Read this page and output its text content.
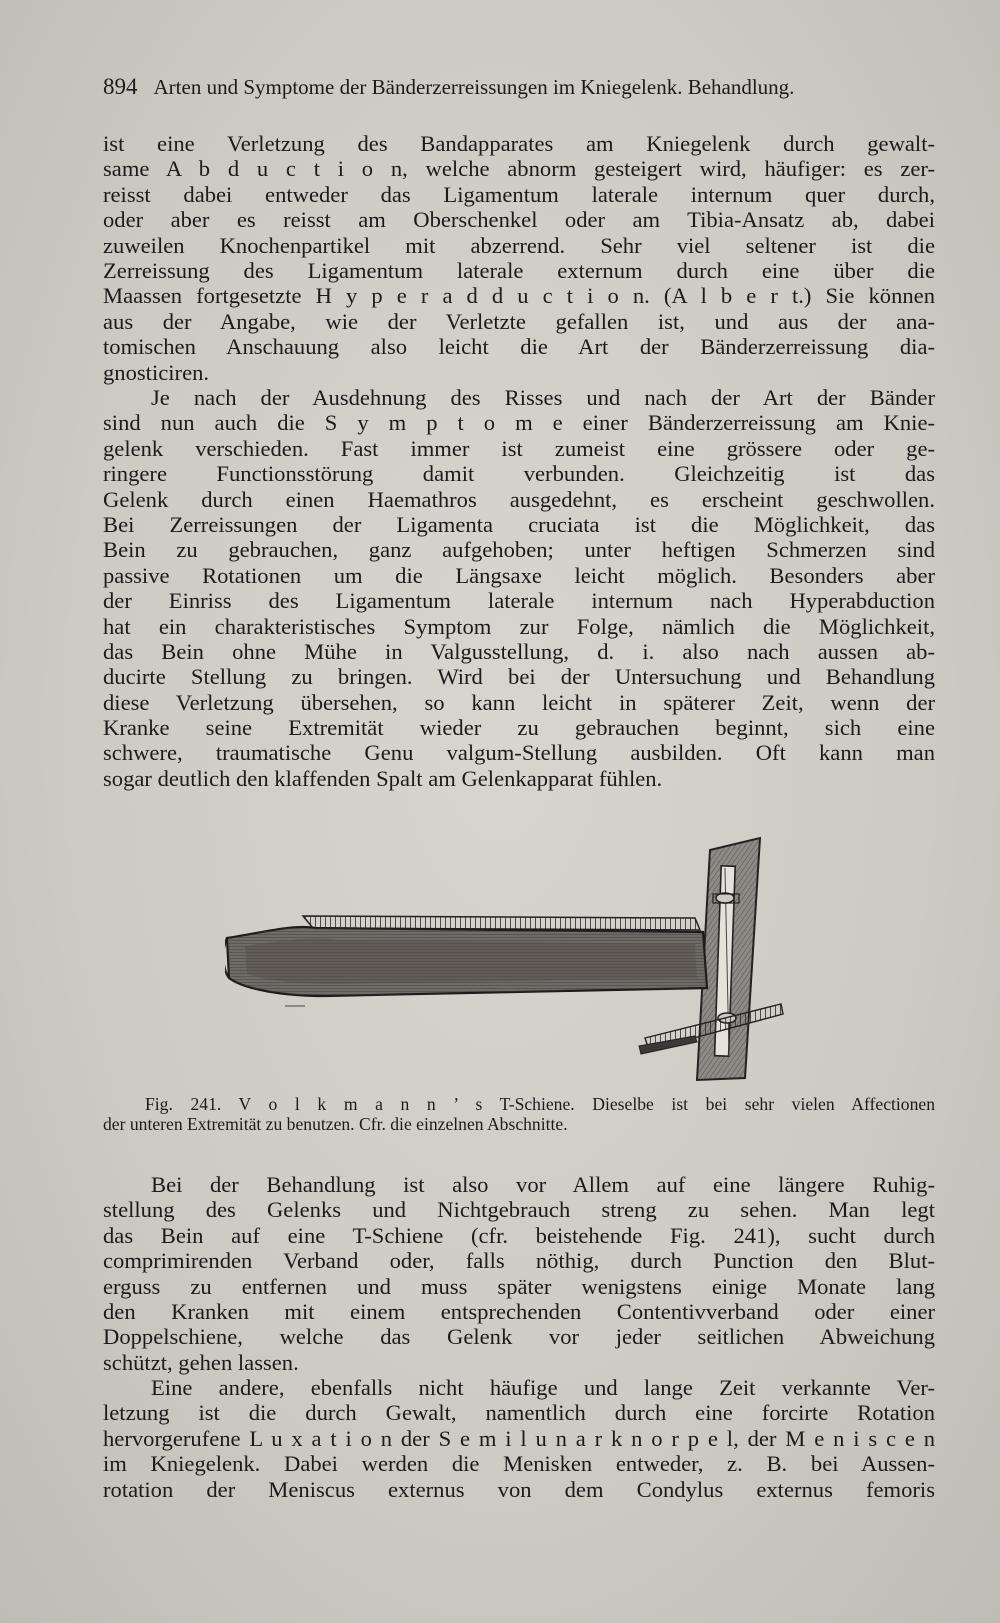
894 Arten und Symptome der Bänderzerreissungen im Kniegelenk. Behandlung.
ist eine Verletzung des Bandapparates am Kniegelenk durch gewalt-
same A b d u c t i o n, welche abnorm gesteigert wird, häufiger: es zer-
reisst dabei entweder das Ligamentum laterale internum quer durch,
oder aber es reisst am Oberschenkel oder am Tibia-Ansatz ab, dabei
zuweilen Knochenpartikel mit abzerrend. Sehr viel seltener ist die
Zerreissung des Ligamentum laterale externum durch eine über die
Maassen fortgesetzte H y p e r a d d u c t i o n. (A l b e r t.) Sie können
aus der Angabe, wie der Verletzte gefallen ist, und aus der ana-
tomischen Anschauung also leicht die Art der Bänderzerreissung dia-
gnosticiren.
Je nach der Ausdehnung des Risses und nach der Art der Bänder
sind nun auch die S y m p t o m e einer Bänderzerreissung am Knie-
gelenk verschieden. Fast immer ist zumeist eine grössere oder ge-
ringere Functionsstörung damit verbunden. Gleichzeitig ist das
Gelenk durch einen Haemathros ausgedehnt, es erscheint geschwollen.
Bei Zerreissungen der Ligamenta cruciata ist die Möglichkeit, das
Bein zu gebrauchen, ganz aufgehoben; unter heftigen Schmerzen sind
passive Rotationen um die Längsaxe leicht möglich. Besonders aber
der Einriss des Ligamentum laterale internum nach Hyperabduction
hat ein charakteristisches Symptom zur Folge, nämlich die Möglichkeit,
das Bein ohne Mühe in Valgusstellung, d. i. also nach aussen ab-
ducirte Stellung zu bringen. Wird bei der Untersuchung und Behandlung
diese Verletzung übersehen, so kann leicht in späterer Zeit, wenn der
Kranke seine Extremität wieder zu gebrauchen beginnt, sich eine
schwere, traumatische Genu valgum-Stellung ausbilden. Oft kann man
sogar deutlich den klaffenden Spalt am Gelenkapparat fühlen.
Fig. 241. V o l k m a n n ’ s T-Schiene. Dieselbe ist bei sehr vielen Affectionen
der unteren Extremität zu benutzen. Cfr. die einzelnen Abschnitte.
Bei der Behandlung ist also vor Allem auf eine längere Ruhig-
stellung des Gelenks und Nichtgebrauch streng zu sehen. Man legt
das Bein auf eine T-Schiene (cfr. beistehende Fig. 241), sucht durch
comprimirenden Verband oder, falls nöthig, durch Punction den Blut-
erguss zu entfernen und muss später wenigstens einige Monate lang
den Kranken mit einem entsprechenden Contentivverband oder einer
Doppelschiene, welche das Gelenk vor jeder seitlichen Abweichung
schützt, gehen lassen.
Eine andere, ebenfalls nicht häufige und lange Zeit verkannte Ver-
letzung ist die durch Gewalt, namentlich durch eine forcirte Rotation
hervorgerufene L u x a t i o n der S e m i l u n a r k n o r p e l, der M e n i s c e n
im Kniegelenk. Dabei werden die Menisken entweder, z. B. bei Aussen-
rotation der Meniscus externus von dem Condylus externus femoris
